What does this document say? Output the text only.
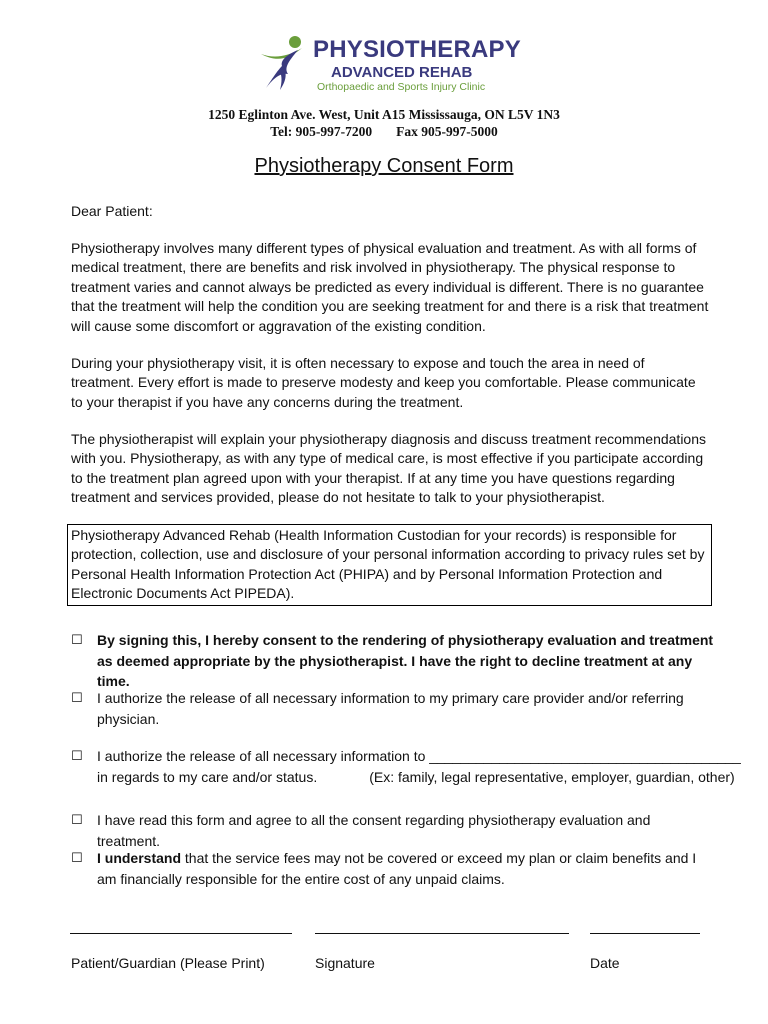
PHYSIOTHERAPY
ADVANCED REHAB
Orthopaedic and Sports Injury Clinic
1250 Eglinton Ave. West, Unit A15 Mississauga, ON L5V 1N3
Tel: 905-997-7200 Fax 905-997-5000
Physiotherapy Consent Form

Dear Patient:

Physiotherapy involves many different types of physical evaluation and treatment. As with all forms of medical treatment, there are benefits and risk involved in physiotherapy. The physical response to treatment varies and cannot always be predicted as every individual is different. There is no guarantee that the treatment will help the condition you are seeking treatment for and there is a risk that treatment will cause some discomfort or aggravation of the existing condition.

During your physiotherapy visit, it is often necessary to expose and touch the area in need of treatment. Every effort is made to preserve modesty and keep you comfortable. Please communicate to your therapist if you have any concerns during the treatment.

The physiotherapist will explain your physiotherapy diagnosis and discuss treatment recommendations with you. Physiotherapy, as with any type of medical care, is most effective if you participate according to the treatment plan agreed upon with your therapist. If at any time you have questions regarding treatment and services provided, please do not hesitate to talk to your physiotherapist.

Physiotherapy Advanced Rehab (Health Information Custodian for your records) is responsible for protection, collection, use and disclosure of your personal information according to privacy rules set by Personal Health Information Protection Act (PHIPA) and by Personal Information Protection and Electronic Documents Act PIPEDA).
☐ By signing this, I hereby consent to the rendering of physiotherapy evaluation and treatment as deemed appropriate by the physiotherapist. I have the right to decline treatment at any time.
☐ I authorize the release of all necessary information to my primary care provider and/or referring physician.
☐ I authorize the release of all necessary information to ________________________________________
in regards to my care and/or status.	(Ex: family, legal representative, employer, guardian, other)
☐ I have read this form and agree to all the consent regarding physiotherapy evaluation and treatment.
☐ I understand that the service fees may not be covered or exceed my plan or claim benefits and I am financially responsible for the entire cost of any unpaid claims.
Patient/Guardian (Please Print)	Signature	Date
